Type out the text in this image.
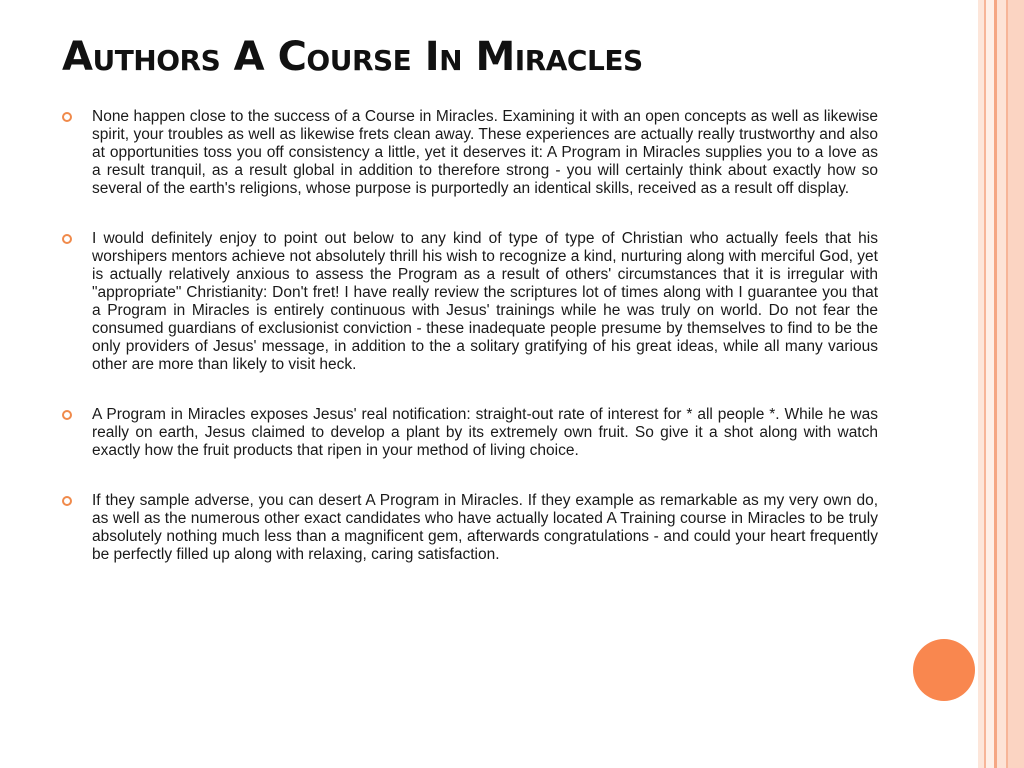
Authors A Course In Miracles
None happen close to the success of a Course in Miracles. Examining it with an open concepts as well as likewise spirit, your troubles as well as likewise frets clean away. These experiences are actually really trustworthy and also at opportunities toss you off consistency a little, yet it deserves it: A Program in Miracles supplies you to a love as a result tranquil, as a result global in addition to therefore strong - you will certainly think about exactly how so several of the earth's religions, whose purpose is purportedly an identical skills, received as a result off display.
I would definitely enjoy to point out below to any kind of type of type of Christian who actually feels that his worshipers mentors achieve not absolutely thrill his wish to recognize a kind, nurturing along with merciful God, yet is actually relatively anxious to assess the Program as a result of others' circumstances that it is irregular with "appropriate" Christianity: Don't fret! I have really review the scriptures lot of times along with I guarantee you that a Program in Miracles is entirely continuous with Jesus' trainings while he was truly on world. Do not fear the consumed guardians of exclusionist conviction - these inadequate people presume by themselves to find to be the only providers of Jesus' message, in addition to the a solitary gratifying of his great ideas, while all many various other are more than likely to visit heck.
A Program in Miracles exposes Jesus' real notification: straight-out rate of interest for * all people *. While he was really on earth, Jesus claimed to develop a plant by its extremely own fruit. So give it a shot along with watch exactly how the fruit products that ripen in your method of living choice.
If they sample adverse, you can desert A Program in Miracles. If they example as remarkable as my very own do, as well as the numerous other exact candidates who have actually located A Training course in Miracles to be truly absolutely nothing much less than a magnificent gem, afterwards congratulations - and could your heart frequently be perfectly filled up along with relaxing, caring satisfaction.
